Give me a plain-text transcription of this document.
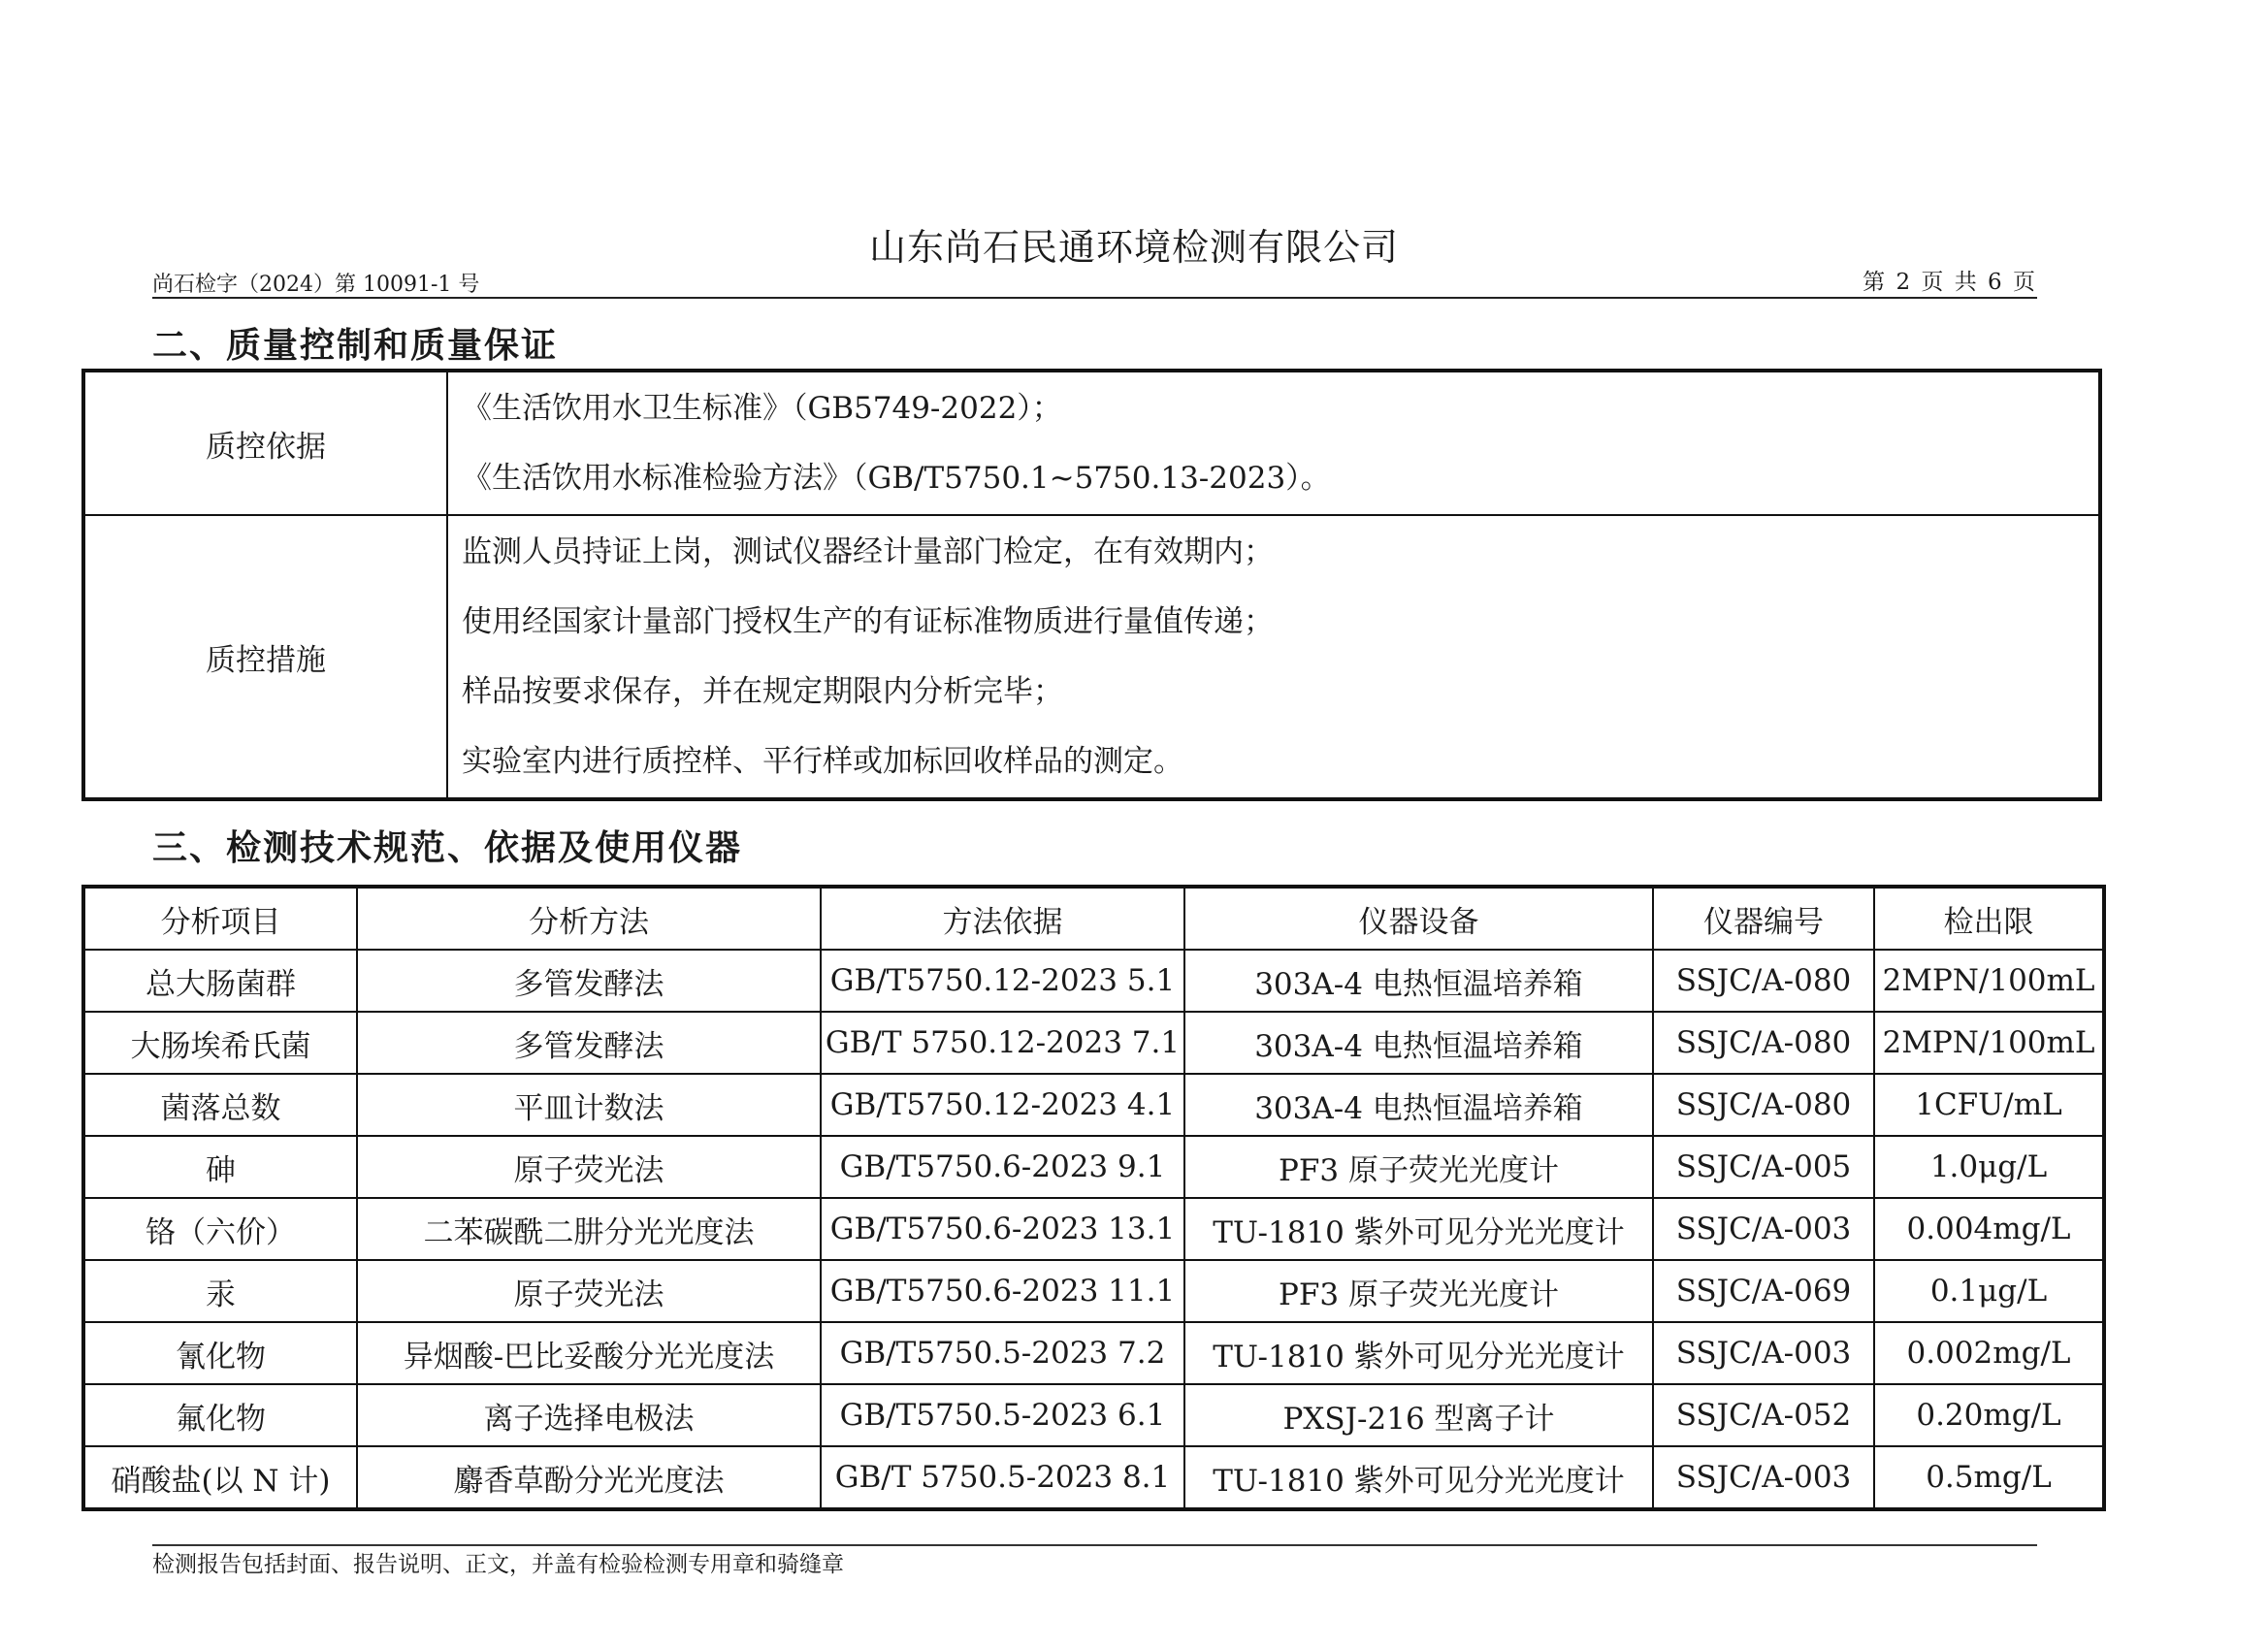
山东尚石民通环境检测有限公司
尚石检字（2024）第 10091-1 号	第 2 页 共 6 页
二、质量控制和质量保证
质控依据	《生活饮用水卫生标准》（GB5749-2022）；
《生活饮用水标准检验方法》（GB/T5750.1~5750.13-2023）。

质控措施	监测人员持证上岗，测试仪器经计量部门检定，在有效期内；
使用经国家计量部门授权生产的有证标准物质进行量值传递；
样品按要求保存，并在规定期限内分析完毕；
实验室内进行质控样、平行样或加标回收样品的测定。
三、检测技术规范、依据及使用仪器
分析项目	分析方法	方法依据	仪器设备	仪器编号	检出限
总大肠菌群	多管发酵法	GB/T5750.12-2023 5.1	303A-4 电热恒温培养箱	SSJC/A-080	2MPN/100mL
大肠埃希氏菌	多管发酵法	GB/T 5750.12-2023 7.1	303A-4 电热恒温培养箱	SSJC/A-080	2MPN/100mL
菌落总数	平皿计数法	GB/T5750.12-2023 4.1	303A-4 电热恒温培养箱	SSJC/A-080	1CFU/mL
砷	原子荧光法	GB/T5750.6-2023 9.1	PF3 原子荧光光度计	SSJC/A-005	1.0μg/L
铬（六价）	二苯碳酰二肼分光光度法	GB/T5750.6-2023 13.1	TU-1810 紫外可见分光光度计	SSJC/A-003	0.004mg/L
汞	原子荧光法	GB/T5750.6-2023 11.1	PF3 原子荧光光度计	SSJC/A-069	0.1μg/L
氰化物	异烟酸-巴比妥酸分光光度法	GB/T5750.5-2023 7.2	TU-1810 紫外可见分光光度计	SSJC/A-003	0.002mg/L
氟化物	离子选择电极法	GB/T5750.5-2023 6.1	PXSJ-216 型离子计	SSJC/A-052	0.20mg/L
硝酸盐(以 N 计)	麝香草酚分光光度法	GB/T 5750.5-2023 8.1	TU-1810 紫外可见分光光度计	SSJC/A-003	0.5mg/L
检测报告包括封面、报告说明、正文，并盖有检验检测专用章和骑缝章
